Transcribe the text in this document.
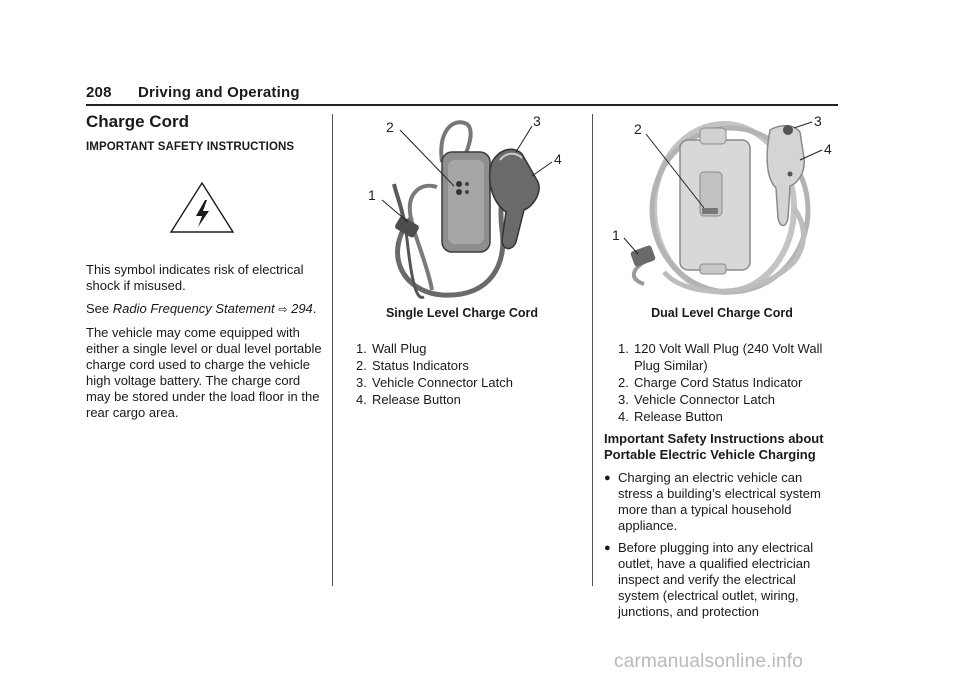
208 Driving and Operating
Charge Cord
IMPORTANT SAFETY INSTRUCTIONS

This symbol indicates risk of electrical shock if misused.

See Radio Frequency Statement ⇨ 294.

The vehicle may come equipped with either a single level or dual level portable charge cord used to charge the vehicle high voltage battery. The charge cord may be stored under the load floor in the rear cargo area.

2
1
3
4
Single Level Charge Cord
1. Wall Plug
2. Status Indicators
3. Vehicle Connector Latch
4. Release Button
2
1
3
4
Dual Level Charge Cord
1. 120 Volt Wall Plug (240 Volt Wall Plug Similar)
2. Charge Cord Status Indicator
3. Vehicle Connector Latch
4. Release Button

Important Safety Instructions about Portable Electric Vehicle Charging

● Charging an electric vehicle can stress a building’s electrical system more than a typical household appliance.
● Before plugging into any electrical outlet, have a qualified electrician inspect and verify the electrical system (electrical outlet, wiring, junctions, and protection
carmanualsonline.info
